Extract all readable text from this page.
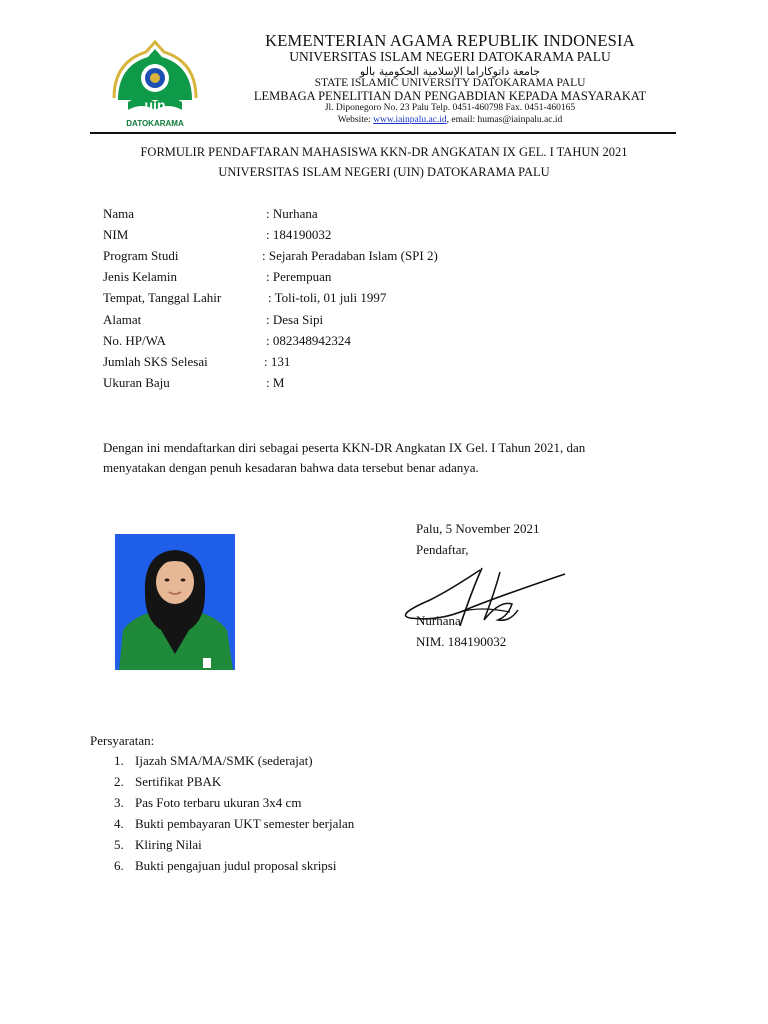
uin
DATOKARAMA
KEMENTERIAN AGAMA REPUBLIK INDONESIA
UNIVERSITAS ISLAM NEGERI DATOKARAMA PALU
جامعة داتوكاراما الإسلامية الحكومية بالو
STATE ISLAMIC UNIVERSITY DATOKARAMA PALU
LEMBAGA PENELITIAN DAN PENGABDIAN KEPADA MASYARAKAT
Jl. Diponegoro No. 23 Palu Telp. 0451-460798 Fax. 0451-460165
Website: www.iainpalu.ac.id, email: humas@iainpalu.ac.id
FORMULIR PENDAFTARAN MAHASISWA KKN-DR ANGKATAN IX GEL. I TAHUN 2021
UNIVERSITAS ISLAM NEGERI (UIN) DATOKARAMA PALU
Nama	: Nurhana
NIM	: 184190032
Program Studi	: Sejarah Peradaban Islam (SPI 2)
Jenis Kelamin	: Perempuan
Tempat, Tanggal Lahir	: Toli-toli, 01 juli 1997
Alamat	: Desa Sipi
No. HP/WA	: 082348942324
Jumlah SKS Selesai	: 131
Ukuran Baju	: M
Dengan ini mendaftarkan diri sebagai peserta KKN-DR Angkatan IX Gel. I Tahun 2021, dan
menyatakan dengan penuh kesadaran bahwa data tersebut benar adanya.
Palu, 5 November 2021
Pendaftar,
Nurhana
NIM. 184190032
Persyaratan:
1. Ijazah SMA/MA/SMK (sederajat)
2. Sertifikat PBAK
3. Pas Foto terbaru ukuran 3x4 cm
4. Bukti pembayaran UKT semester berjalan
5. Kliring Nilai
6. Bukti pengajuan judul proposal skripsi
